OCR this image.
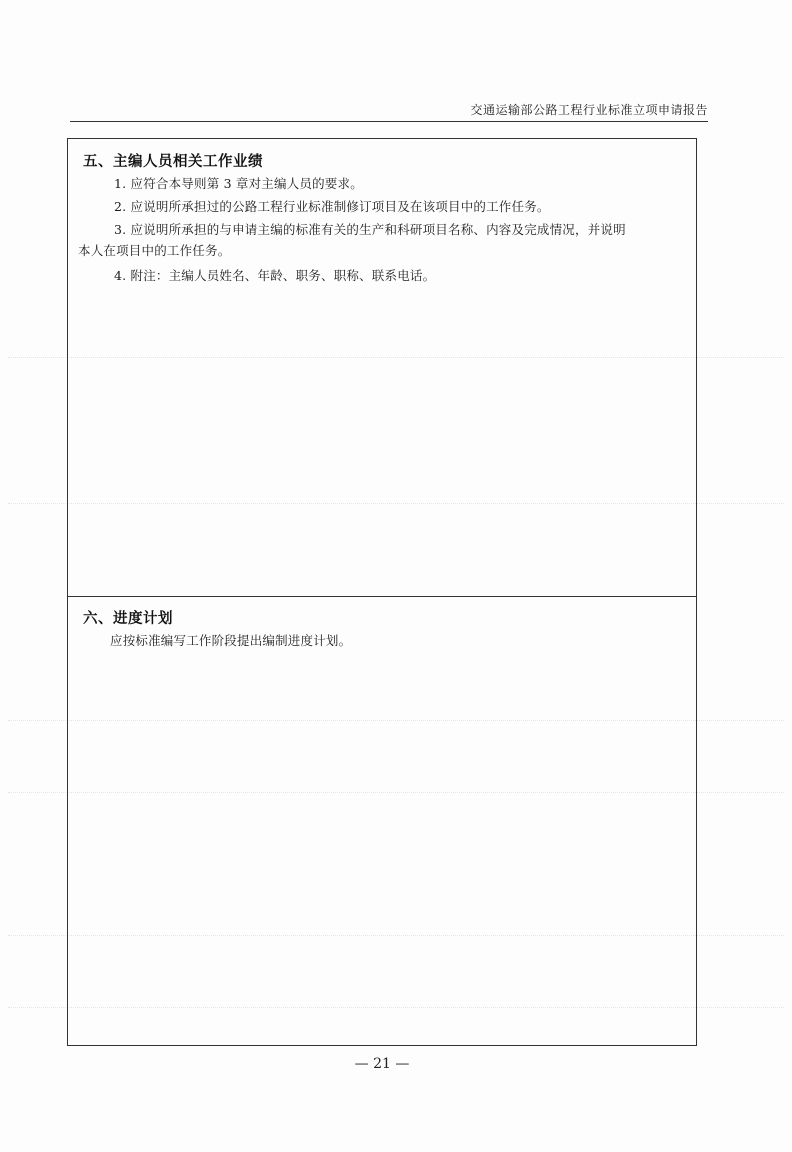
交通运输部公路工程行业标准立项申请报告
五、主编人员相关工作业绩
1. 应符合本导则第 3 章对主编人员的要求。
2. 应说明所承担过的公路工程行业标准制修订项目及在该项目中的工作任务。
3. 应说明所承担的与申请主编的标准有关的生产和科研项目名称、内容及完成情况，并说明
本人在项目中的工作任务。
4. 附注：主编人员姓名、年龄、职务、职称、联系电话。
六、进度计划
应按标准编写工作阶段提出编制进度计划。
— 21 —
